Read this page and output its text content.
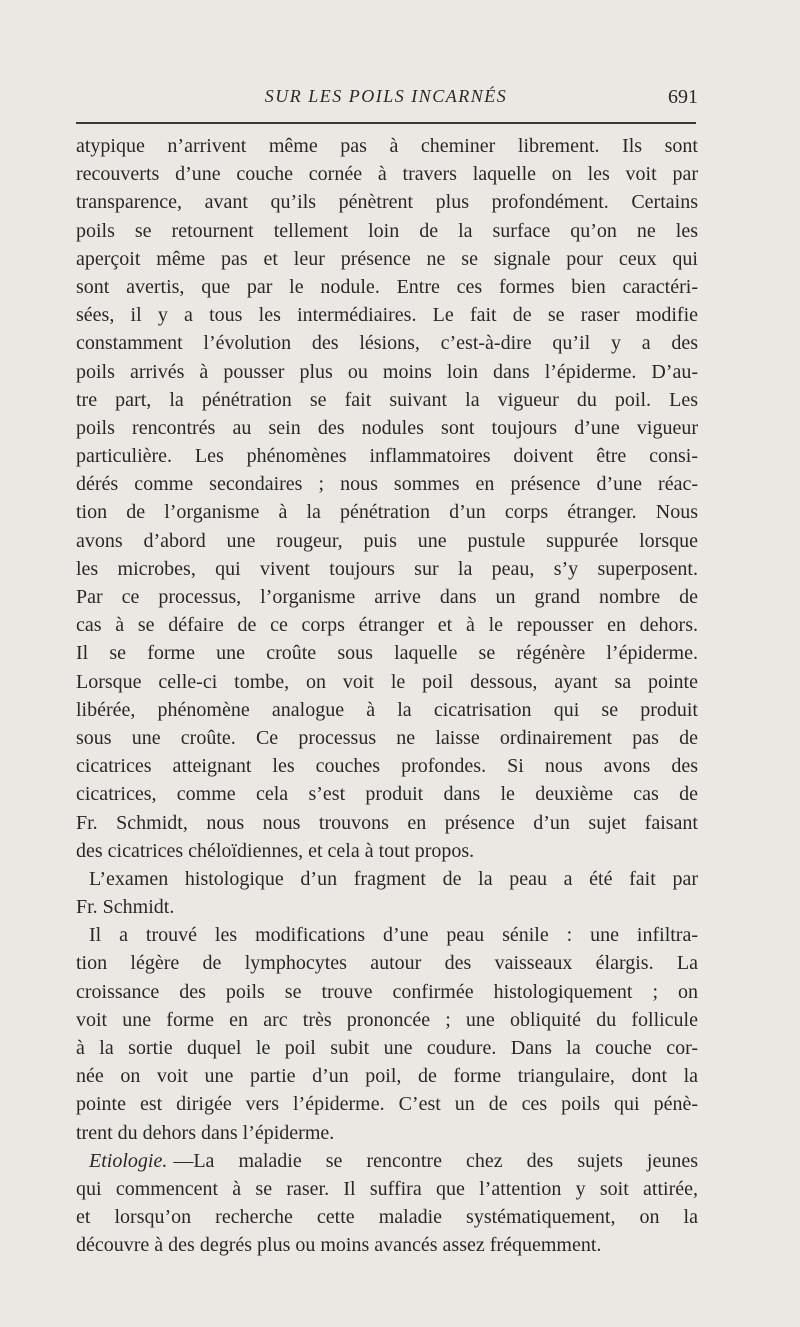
SUR LES POILS INCARNÉS	691
atypique n’arrivent même pas à cheminer librement. Ils sont
recouverts d’une couche cornée à travers laquelle on les voit par
transparence, avant qu’ils pénètrent plus profondément. Certains
poils se retournent tellement loin de la surface qu’on ne les
aperçoit même pas et leur présence ne se signale pour ceux qui
sont avertis, que par le nodule. Entre ces formes bien caractéri-
sées, il y a tous les intermédiaires. Le fait de se raser modifie
constamment l’évolution des lésions, c’est-à-dire qu’il y a des
poils arrivés à pousser plus ou moins loin dans l’épiderme. D’au-
tre part, la pénétration se fait suivant la vigueur du poil. Les
poils rencontrés au sein des nodules sont toujours d’une vigueur
particulière. Les phénomènes inflammatoires doivent être consi-
dérés comme secondaires ; nous sommes en présence d’une réac-
tion de l’organisme à la pénétration d’un corps étranger. Nous
avons d’abord une rougeur, puis une pustule suppurée lorsque
les microbes, qui vivent toujours sur la peau, s’y superposent.
Par ce processus, l’organisme arrive dans un grand nombre de
cas à se défaire de ce corps étranger et à le repousser en dehors.
Il se forme une croûte sous laquelle se régénère l’épiderme.
Lorsque celle-ci tombe, on voit le poil dessous, ayant sa pointe
libérée, phénomène analogue à la cicatrisation qui se produit
sous une croûte. Ce processus ne laisse ordinairement pas de
cicatrices atteignant les couches profondes. Si nous avons des
cicatrices, comme cela s’est produit dans le deuxième cas de
Fr. Schmidt, nous nous trouvons en présence d’un sujet faisant
des cicatrices chéloïdiennes, et cela à tout propos.
L’examen histologique d’un fragment de la peau a été fait par
Fr. Schmidt.
Il a trouvé les modifications d’une peau sénile : une infiltra-
tion légère de lymphocytes autour des vaisseaux élargis. La
croissance des poils se trouve confirmée histologiquement ; on
voit une forme en arc très prononcée ; une obliquité du follicule
à la sortie duquel le poil subit une coudure. Dans la couche cor-
née on voit une partie d’un poil, de forme triangulaire, dont la
pointe est dirigée vers l’épiderme. C’est un de ces poils qui pénè-
trent du dehors dans l’épiderme.
Etiologie. —La maladie se rencontre chez des sujets jeunes
qui commencent à se raser. Il suffira que l’attention y soit attirée,
et lorsqu’on recherche cette maladie systématiquement, on la
découvre à des degrés plus ou moins avancés assez fréquemment.
